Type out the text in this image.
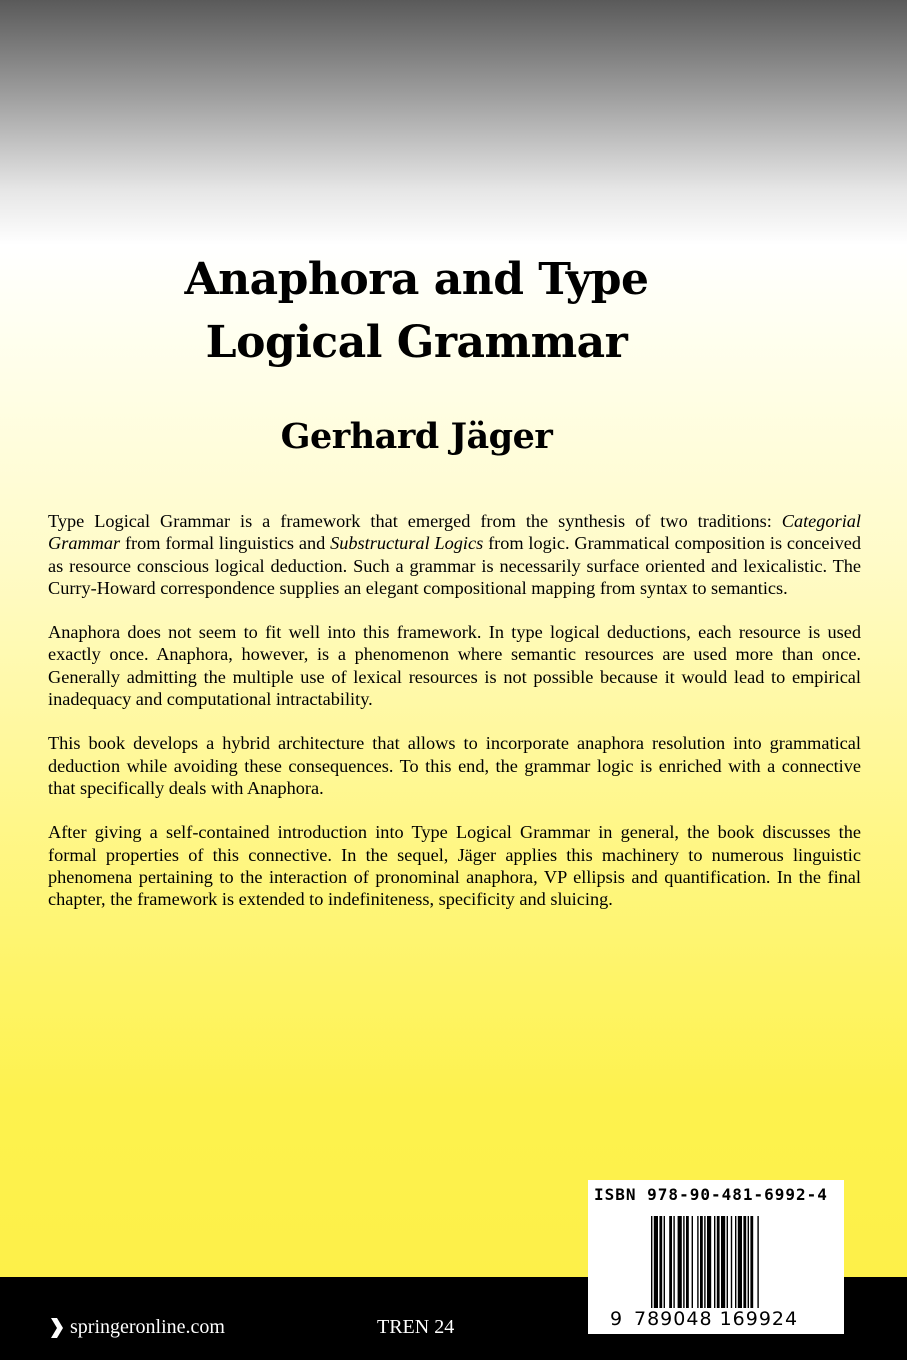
Anaphora and Type
Logical Grammar
Gerhard Jäger

Type Logical Grammar is a framework that emerged from the synthesis of two traditions: Categorial Grammar from formal linguistics and Substructural Logics from logic. Grammatical composition is conceived as resource conscious logical deduction. Such a grammar is necessarily surface oriented and lexicalistic. The Curry-Howard correspondence supplies an elegant compositional mapping from syntax to semantics.

Anaphora does not seem to fit well into this framework. In type logical deductions, each resource is used exactly once. Anaphora, however, is a phenomenon where semantic resources are used more than once. Generally admitting the multiple use of lexical resources is not possible because it would lead to empirical inadequacy and computational intractability.

This book develops a hybrid architecture that allows to incorporate anaphora resolution into grammatical deduction while avoiding these consequences. To this end, the grammar logic is enriched with a connective that specifically deals with Anaphora.

After giving a self-contained introduction into Type Logical Grammar in general, the book discusses the formal properties of this connective. In the sequel, Jäger applies this machinery to numerous linguistic phenomena pertaining to the interaction of pronominal anaphora, VP ellipsis and quantification. In the final chapter, the framework is extended to indefiniteness, specificity and sluicing.

springeronline.com	TREN 24
ISBN 978-90-481-6992-4
9 789048 169924
